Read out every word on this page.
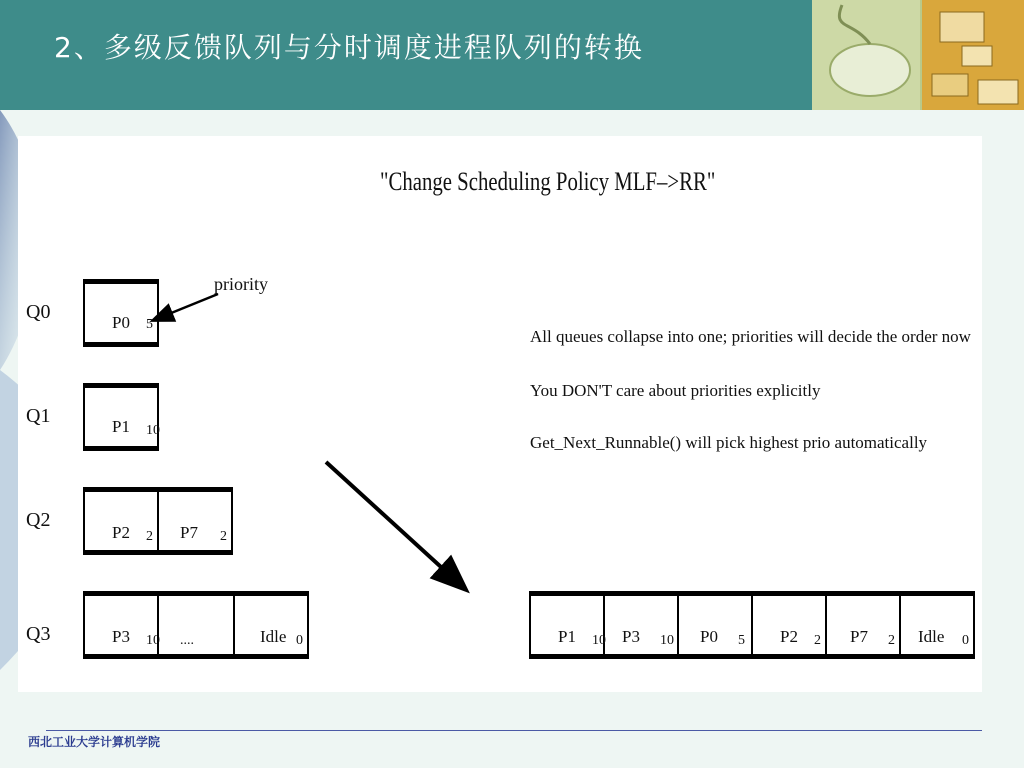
2、多级反馈队列与分时调度进程队列的转换
"Change Scheduling Policy MLF–>RR"
Q0
Q1
Q2
Q3
P0 5
P1 10
P2 2 P7 2
P3 10 ....	Idle 0
priority
All queues collapse into one; priorities will decide the order now
You DON'T care about priorities explicitly
Get_Next_Runnable() will pick highest prio automatically
P1 10 P3 10 P0 5 P2 2 P7 2 Idle 0
西北工业大学计算机学院
